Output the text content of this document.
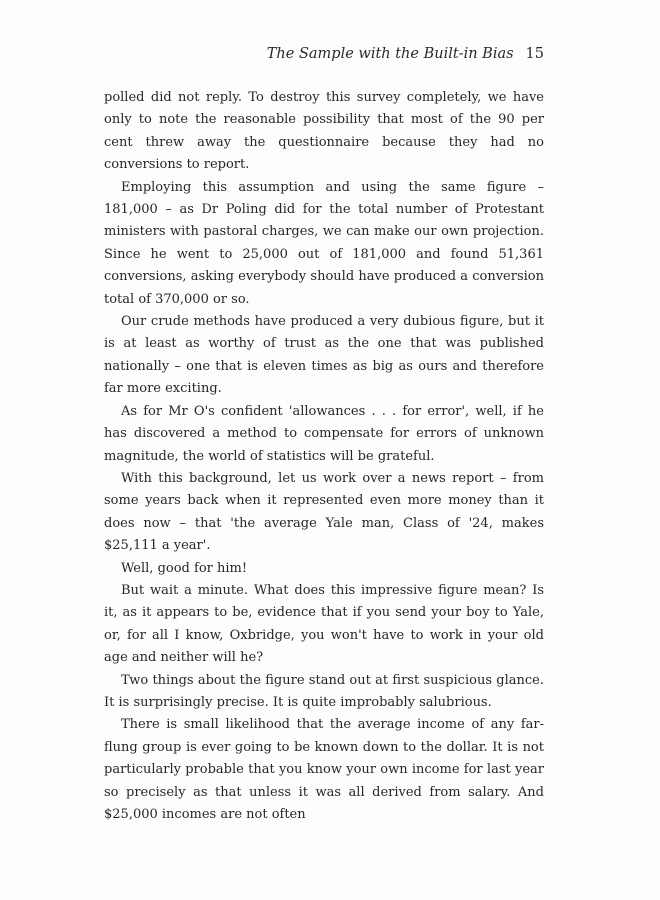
The Sample with the Built-in Bias 15

polled did not reply. To destroy this survey completely, we have only to note the reasonable possibility that most of the 90 per cent threw away the questionnaire because they had no conversions to report.

Employing this assumption and using the same figure – 181,000 – as Dr Poling did for the total number of Protestant ministers with pastoral charges, we can make our own projection. Since he went to 25,000 out of 181,000 and found 51,361 conversions, asking everybody should have produced a conversion total of 370,000 or so.

Our crude methods have produced a very dubious figure, but it is at least as worthy of trust as the one that was published nationally – one that is eleven times as big as ours and therefore far more exciting.

As for Mr O's confident 'allowances . . . for error', well, if he has discovered a method to compensate for errors of unknown magnitude, the world of statistics will be grateful.

With this background, let us work over a news report – from some years back when it represented even more money than it does now – that 'the average Yale man, Class of '24, makes $25,111 a year'.

Well, good for him!

But wait a minute. What does this impressive figure mean? Is it, as it appears to be, evidence that if you send your boy to Yale, or, for all I know, Oxbridge, you won't have to work in your old age and neither will he?

Two things about the figure stand out at first suspicious glance. It is surprisingly precise. It is quite improbably salubrious.

There is small likelihood that the average income of any far-flung group is ever going to be known down to the dollar. It is not particularly probable that you know your own income for last year so precisely as that unless it was all derived from salary. And $25,000 incomes are not often
